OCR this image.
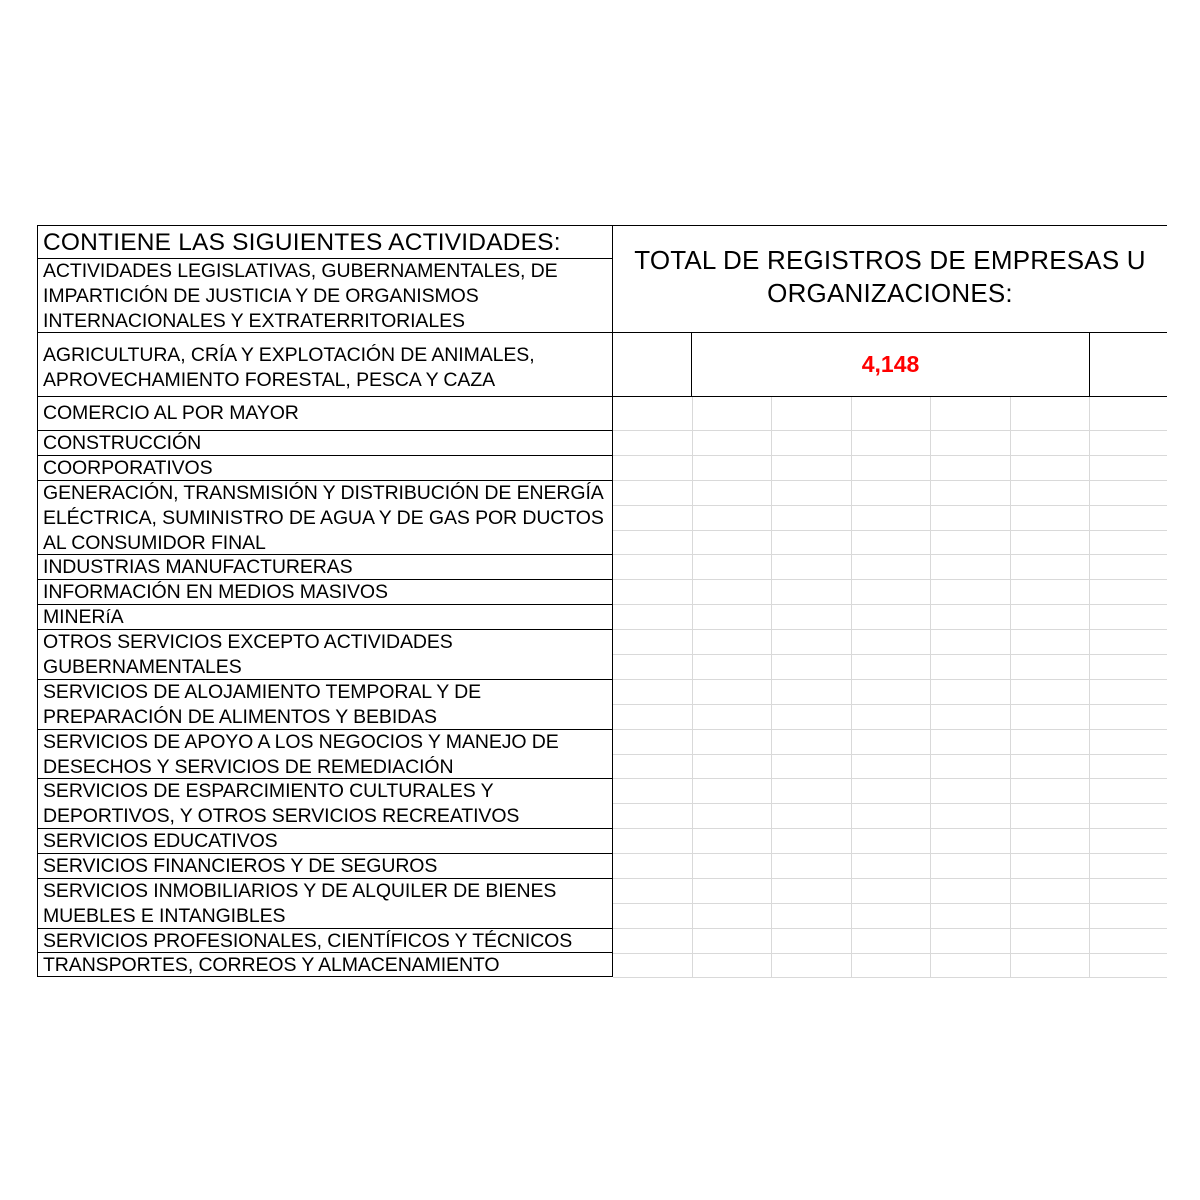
CONTIENE LAS SIGUIENTES ACTIVIDADES:
TOTAL DE REGISTROS DE EMPRESAS U
ORGANIZACIONES:
4,148
ACTIVIDADES LEGISLATIVAS, GUBERNAMENTALES, DE
IMPARTICIÓN DE JUSTICIA Y DE ORGANISMOS
INTERNACIONALES Y EXTRATERRITORIALES
AGRICULTURA, CRÍA Y EXPLOTACIÓN DE ANIMALES,
APROVECHAMIENTO FORESTAL, PESCA Y CAZA
COMERCIO AL POR MAYOR
CONSTRUCCIÓN
COORPORATIVOS
GENERACIÓN, TRANSMISIÓN Y DISTRIBUCIÓN DE ENERGÍA
ELÉCTRICA, SUMINISTRO DE AGUA Y DE GAS POR DUCTOS
AL CONSUMIDOR FINAL
INDUSTRIAS MANUFACTURERAS
INFORMACIÓN EN MEDIOS MASIVOS
MINERíA
OTROS SERVICIOS EXCEPTO ACTIVIDADES
GUBERNAMENTALES
SERVICIOS DE ALOJAMIENTO TEMPORAL Y DE
PREPARACIÓN DE ALIMENTOS Y BEBIDAS
SERVICIOS DE APOYO A LOS NEGOCIOS Y MANEJO DE
DESECHOS Y SERVICIOS DE REMEDIACIÓN
SERVICIOS DE ESPARCIMIENTO CULTURALES Y
DEPORTIVOS, Y OTROS SERVICIOS RECREATIVOS
SERVICIOS EDUCATIVOS
SERVICIOS FINANCIEROS Y DE SEGUROS
SERVICIOS INMOBILIARIOS Y DE ALQUILER DE BIENES
MUEBLES E INTANGIBLES
SERVICIOS PROFESIONALES, CIENTÍFICOS Y TÉCNICOS
TRANSPORTES, CORREOS Y ALMACENAMIENTO
